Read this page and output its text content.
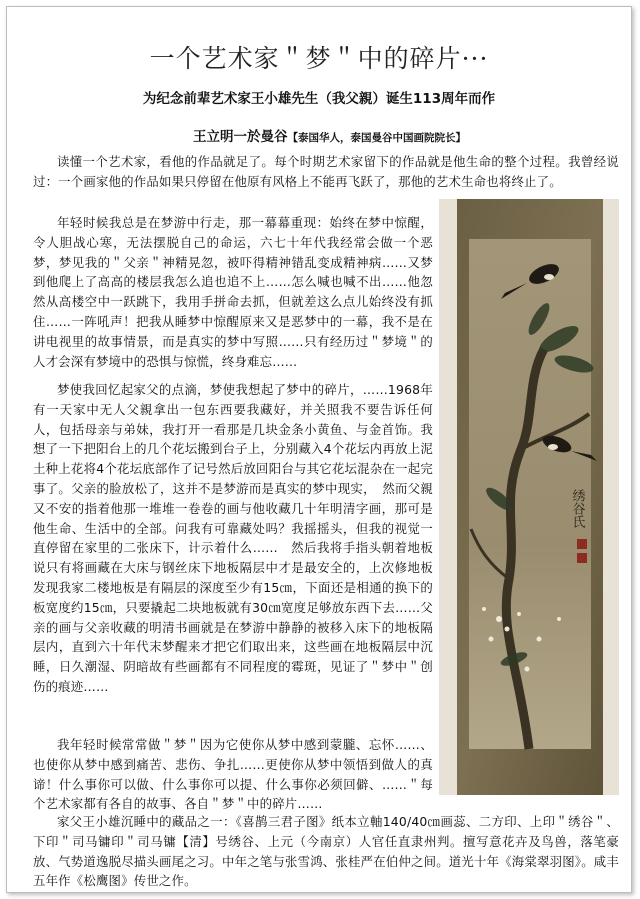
一个艺术家＂梦＂中的碎片···
为纪念前辈艺术家王小雄先生（我父親）诞生113周年而作
王立明一於曼谷【泰国华人，泰国曼谷中国画院院长】

读懂一个艺术家，看他的作品就足了。每个时期艺术家留下的作品就是他生命的整个过程。我曾经说过：一个画家他的作品如果只停留在他原有风格上不能再飞跃了，那他的艺术生命也将终止了。

年轻时候我总是在梦游中行走，那一幕幕重现：始终在梦中惊醒，令人胆战心寒，无法摆脱自己的命运，六七十年代我经常会做一个恶梦，梦见我的＂父亲＂神精晃忽，被吓得精神错乱变成精神病……又梦到他爬上了高高的楼层我怎么追也追不上……怎么喊也喊不出……他忽然从高楼空中一跃跳下，我用手拼命去抓，但就差这么点儿始终没有抓住……一阵吼声！把我从睡梦中惊醒原来又是恶梦中的一幕，我不是在讲电视里的故事情景，而是真实的梦中写照……只有经历过＂梦境＂的人才会深有梦境中的恐惧与惊慌，终身难忘……

梦使我回忆起家父的点滴，梦使我想起了梦中的碎片，……1968年有一天家中无人父親拿出一包东西要我藏好，并关照我不要告诉任何人，包括母亲与弟妹，我打开一看那是几块金条小黄鱼、与金首饰。我想了一下把阳台上的几个花坛搬到台子上，分别藏入4个花坛内再放上泥土种上花将4个花坛底部作了记号然后放回阳台与其它花坛混杂在一起完事了。父亲的脸放松了，这并不是梦游而是真实的梦中现实，　然而父親又不安的指着他那一堆堆一卷卷的画与他收藏几十年明清字画，那可是他生命、生活中的全部。问我有可靠藏处吗？我摇摇头，但我的视觉一直停留在家里的二张床下，计示着什么……　然后我将手指头朝着地板说只有将画藏在大床与钢丝床下地板隔层中才是最安全的，上次修地板发现我家二楼地板是有隔层的深度至少有15㎝，下面还是相通的换下的板宽度约15㎝，只要撬起二块地板就有30㎝宽度足够放东西下去……父亲的画与父亲收藏的明清书画就是在梦游中静静的被移入床下的地板隔层内，直到六十年代末梦醒来才把它们取出来，这些画在地板隔层中沉睡，日久潮湿、阴暗故有些画都有不同程度的霉斑，见证了＂梦中＂创伤的痕迹……

我年轻时候常常做＂梦＂因为它使你从梦中感到蒙朧、忘怀……、也使你从梦中感到痛苦、悲伤、争扎……更使你从梦中领悟到做人的真谛！什么事你可以做、什么事你可以提、什么事你必须回僻、……＂每个艺术家都有各自的故事、各自＂梦＂中的碎片……

家父王小雄沉睡中的藏品之一：《喜鹊三君子图》纸本立軸140/40㎝画蕊、二方印、上印＂绣谷＂、下印＂司马镛印＂司马镛【清】号绣谷、上元（今南京）人官任直隶州判。擅写意花卉及鸟兽，落笔豪放、气势道逸脱尽描头画尾之习。中年之笔与张雪鸿、张桂严在伯仲之间。道光十年《海棠翠羽图》。咸丰五年作《松鹰图》传世之作。

绣谷氏
